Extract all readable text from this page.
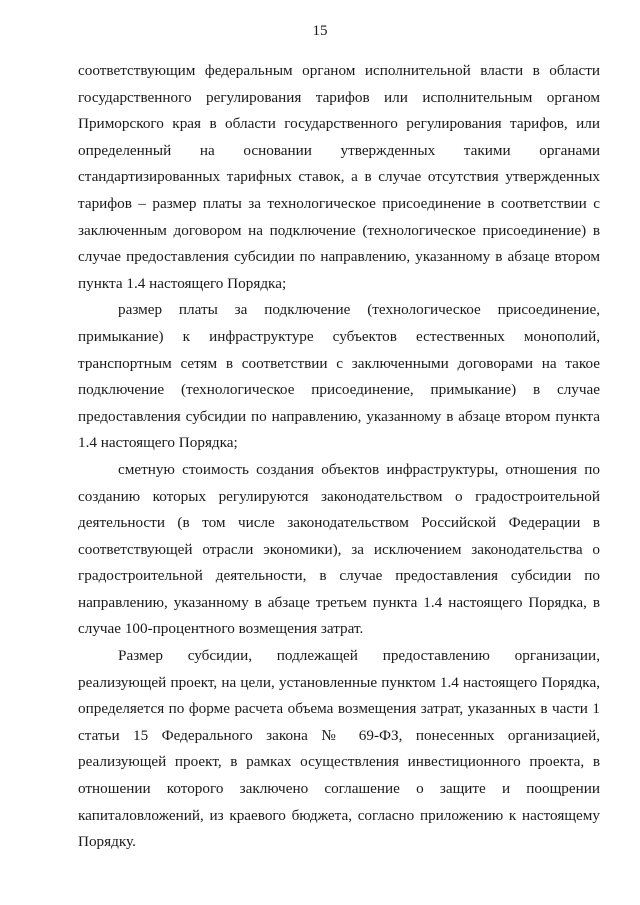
15

соответствующим федеральным органом исполнительной власти в области государственного регулирования тарифов или исполнительным органом Приморского края в области государственного регулирования тарифов, или определенный на основании утвержденных такими органами стандартизированных тарифных ставок, а в случае отсутствия утвержденных тарифов – размер платы за технологическое присоединение в соответствии с заключенным договором на подключение (технологическое присоединение) в случае предоставления субсидии по направлению, указанному в абзаце втором пункта 1.4 настоящего Порядка;

размер платы за подключение (технологическое присоединение, примыкание) к инфраструктуре субъектов естественных монополий, транспортным сетям в соответствии с заключенными договорами на такое подключение (технологическое присоединение, примыкание) в случае предоставления субсидии по направлению, указанному в абзаце втором пункта 1.4 настоящего Порядка;

сметную стоимость создания объектов инфраструктуры, отношения по созданию которых регулируются законодательством о градостроительной деятельности (в том числе законодательством Российской Федерации в соответствующей отрасли экономики), за исключением законодательства о градостроительной деятельности, в случае предоставления субсидии по направлению, указанному в абзаце третьем пункта 1.4 настоящего Порядка, в случае 100-процентного возмещения затрат.

Размер субсидии, подлежащей предоставлению организации, реализующей проект, на цели, установленные пунктом 1.4 настоящего Порядка, определяется по форме расчета объема возмещения затрат, указанных в части 1 статьи 15 Федерального закона № 69-ФЗ, понесенных организацией, реализующей проект, в рамках осуществления инвестиционного проекта, в отношении которого заключено соглашение о защите и поощрении капиталовложений, из краевого бюджета, согласно приложению к настоящему Порядку.
